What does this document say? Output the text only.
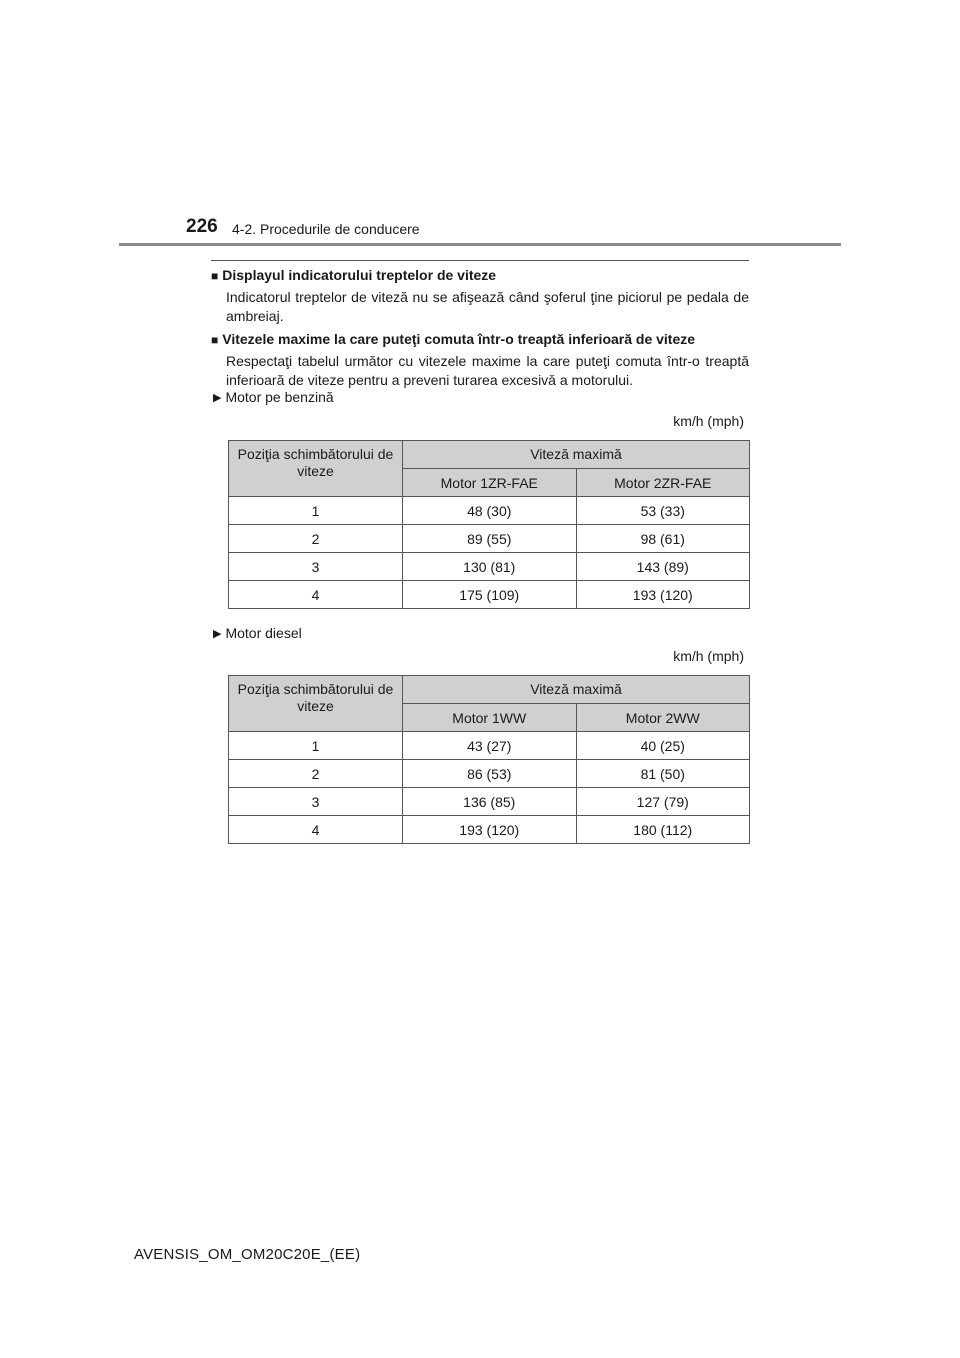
226 4-2. Procedurile de conducere

■ Displayul indicatorului treptelor de viteze

Indicatorul treptelor de viteză nu se afişează când şoferul ţine piciorul pe pedala de ambreiaj.

■ Vitezele maxime la care puteţi comuta într-o treaptă inferioară de viteze

Respectaţi tabelul următor cu vitezele maxime la care puteţi comuta într-o treaptă inferioară de viteze pentru a preveni turarea excesivă a motorului.

▶ Motor pe benzină
km/h (mph)
Poziţia schimbătorului de viteze	Viteză maximă	
	Motor 1ZR-FAE	Motor 2ZR-FAE
1	48 (30)	53 (33)
2	89 (55)	98 (61)
3	130 (81)	143 (89)
4	175 (109)	193 (120)
▶ Motor diesel
km/h (mph)
Poziţia schimbătorului de viteze	Viteză maximă	
	Motor 1WW	Motor 2WW
1	43 (27)	40 (25)
2	86 (53)	81 (50)
3	136 (85)	127 (79)
4	193 (120)	180 (112)
AVENSIS_OM_OM20C20E_(EE)
